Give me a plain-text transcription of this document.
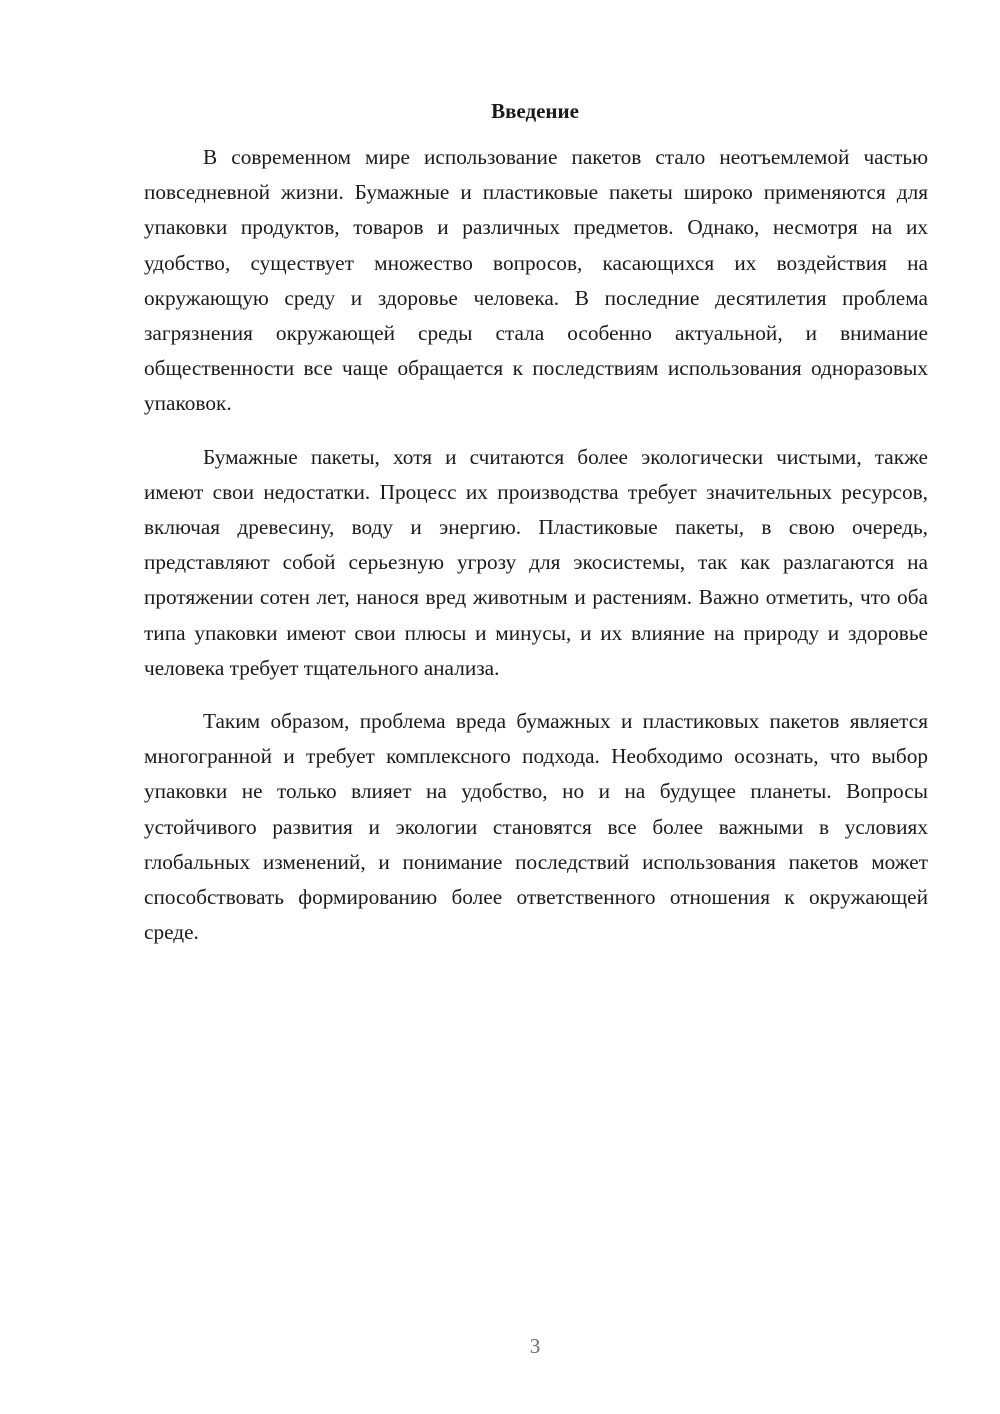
Введение

В современном мире использование пакетов стало неотъемлемой частью повседневной жизни. Бумажные и пластиковые пакеты широко применяются для упаковки продуктов, товаров и различных предметов. Однако, несмотря на их удобство, существует множество вопросов, касающихся их воздействия на окружающую среду и здоровье человека. В последние десятилетия проблема загрязнения окружающей среды стала особенно актуальной, и внимание общественности все чаще обращается к последствиям использования одноразовых упаковок.

Бумажные пакеты, хотя и считаются более экологически чистыми, также имеют свои недостатки. Процесс их производства требует значительных ресурсов, включая древесину, воду и энергию. Пластиковые пакеты, в свою очередь, представляют собой серьезную угрозу для экосистемы, так как разлагаются на протяжении сотен лет, нанося вред животным и растениям. Важно отметить, что оба типа упаковки имеют свои плюсы и минусы, и их влияние на природу и здоровье человека требует тщательного анализа.

Таким образом, проблема вреда бумажных и пластиковых пакетов является многогранной и требует комплексного подхода. Необходимо осознать, что выбор упаковки не только влияет на удобство, но и на будущее планеты. Вопросы устойчивого развития и экологии становятся все более важными в условиях глобальных изменений, и понимание последствий использования пакетов может способствовать формированию более ответственного отношения к окружающей среде.

3
